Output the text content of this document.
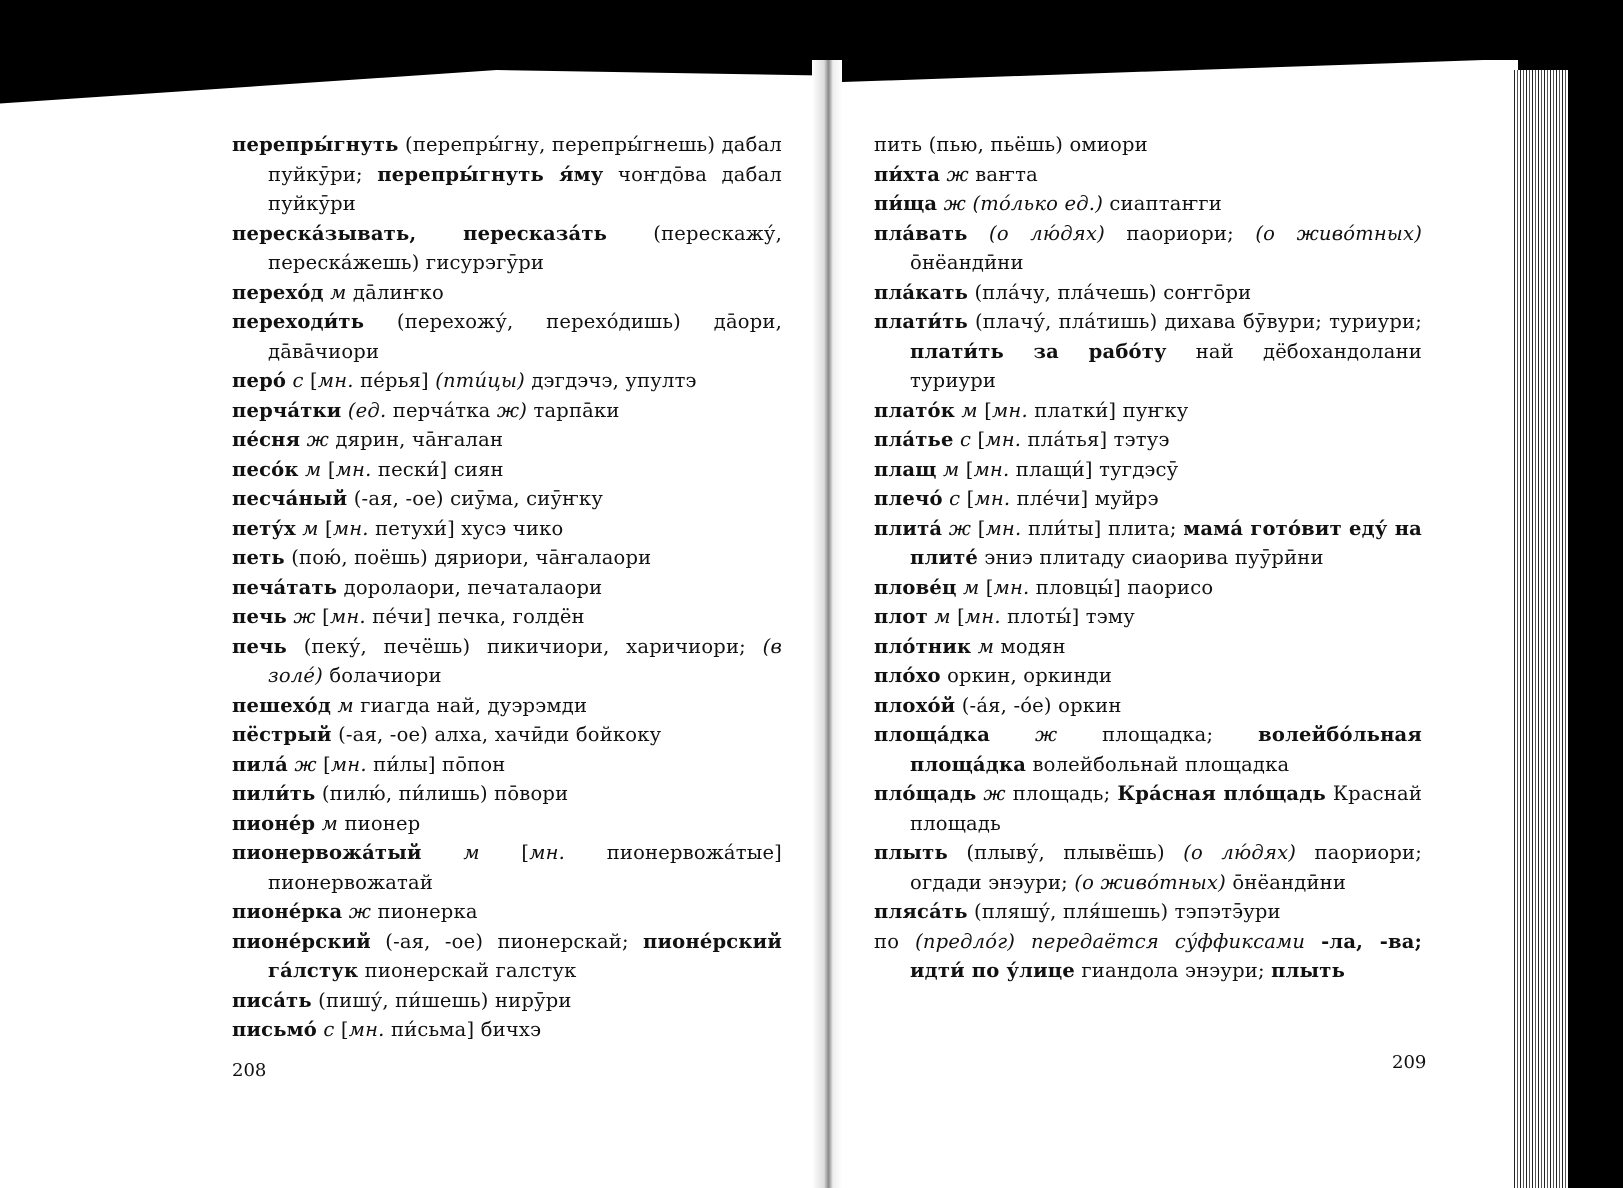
перепры́гнуть (перепры́гну, перепры́гнешь) дабал пуйкӯри; перепры́гнуть я́му чоҥдōва дабал пуйкӯри

переска́зывать, пересказа́ть (перескажу́, переска́жешь) гисурэгӯри

перехо́д м дāлиҥко

переходи́ть (перехожу́, перехо́дишь) дāори, дāвāчиори

перо́ с [мн. пе́рья] (пти́цы) дэгдэчэ, упултэ

перча́тки (ед. перча́тка ж) тарпāки

пе́сня ж дярин, чāҥалан

песо́к м [мн. пески́] сиян

песча́ный (-ая, -ое) сиӯма, сиӯҥку

пету́х м [мн. петухи́] хусэ чико

петь (пою́, поёшь) дяриори, чāҥалаори

печа́тать доролаори, печаталаори

печь ж [мн. пе́чи] печка, голдён

печь (пеку́, печёшь) пикичиори, харичиори; (в золе́) болачиори

пешехо́д м гиагда най, дуэрэмди

пёстрый (-ая, -ое) алха, хачӣди бойкоку

пила́ ж [мн. пи́лы] пōпон

пили́ть (пилю́, пи́лишь) пōвори

пионе́р м пионер

пионервожа́тый м [мн. пионервожа́тые] пионервожатай

пионе́рка ж пионерка

пионе́рский (-ая, -ое) пионерскай; пионе́рский га́лстук пионерскай галстук

писа́ть (пишу́, пи́шешь) нирӯри

письмо́ с [мн. пи́сьма] бичхэ

пить (пью, пьёшь) омиори

пи́хта ж ваҥта

пи́ща ж (то́лько ед.) сиаптаҥги

пла́вать (о лю́дях) паориори; (о живо́тных) ōнёандӣни

пла́кать (пла́чу, пла́чешь) соҥгōри

плати́ть (плачу́, пла́тишь) дихава бӯвури; туриури; плати́ть за рабо́ту най дёбохандолани туриури

плато́к м [мн. платки́] пуҥку

пла́тье с [мн. пла́тья] тэтуэ

плащ м [мн. плащи́] тугдэсӯ

плечо́ с [мн. пле́чи] муйрэ

плита́ ж [мн. пли́ты] плита; мама́ гото́вит еду́ на плите́ эниэ плитаду сиаорива пуӯрӣни

плове́ц м [мн. пловцы́] паорисо

плот м [мн. плоты́] тэму

пло́тник м модян

пло́хо оркин, оркинди

плохо́й (-а́я, -о́е) оркин

площа́дка ж площадка; волейбо́льная площа́дка волейбольнай площадка

пло́щадь ж площадь; Кра́сная пло́щадь Краснай площадь

плыть (плыву́, плывёшь) (о лю́дях) паориори; огдади энэури; (о живо́тных) ōнёандӣни

плясáть (пляшу́, пля́шешь) тэпэтэ̄ури

по (предло́г) передаётся су́ффиксами -ла, -ва; идти́ по у́лице гиандола энэури; плыть

208	209
